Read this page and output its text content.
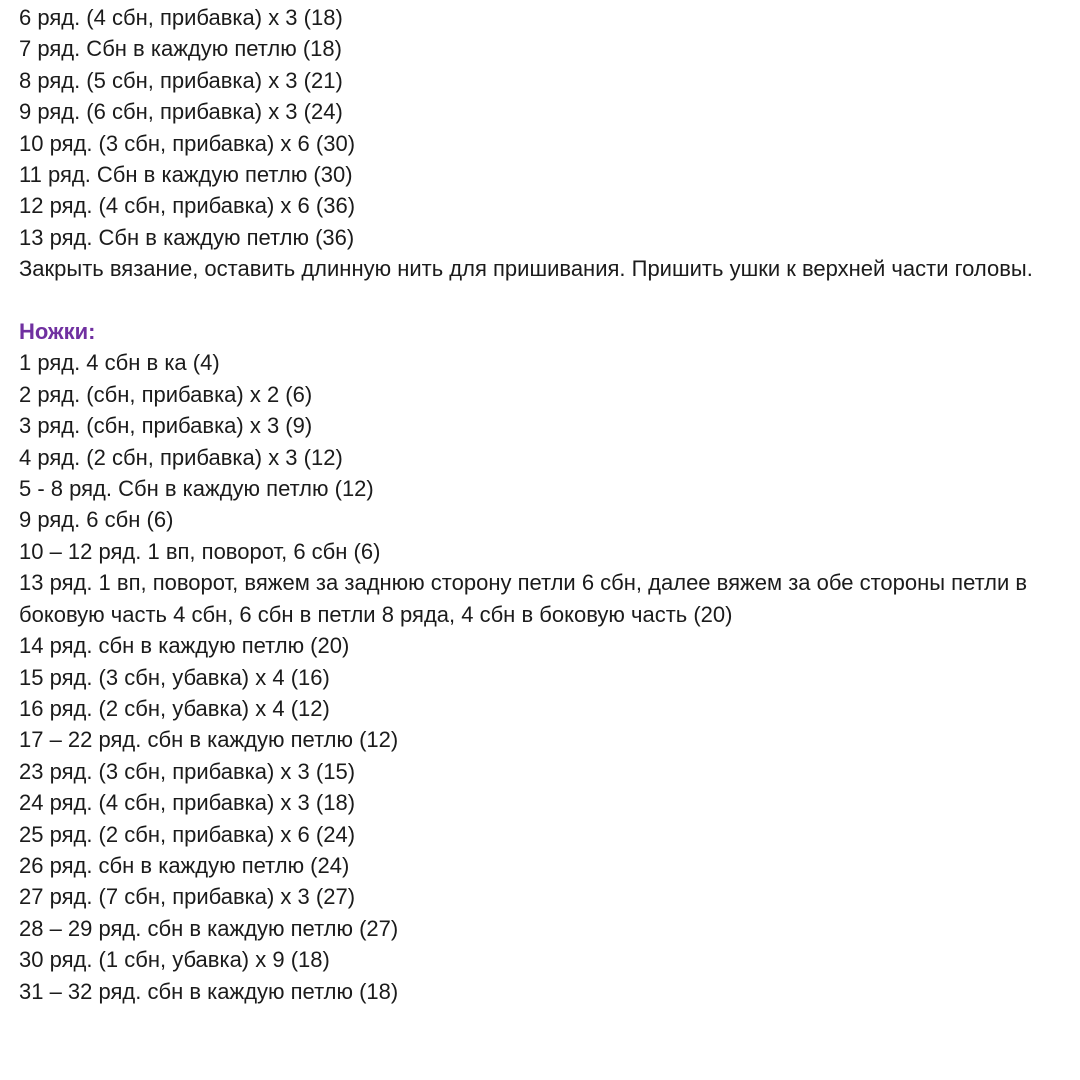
6 ряд. (4 сбн, прибавка) х 3 (18)

7 ряд. Сбн в каждую петлю (18)

8 ряд. (5 сбн, прибавка) х 3 (21)

9 ряд. (6 сбн, прибавка) х 3 (24)

10 ряд. (3 сбн, прибавка) х 6 (30)

11 ряд. Сбн в каждую петлю (30)

12 ряд. (4 сбн, прибавка) х 6 (36)

13 ряд. Сбн в каждую петлю (36)

Закрыть вязание, оставить длинную нить для пришивания. Пришить ушки к верхней части головы.

Ножки:

1 ряд. 4 сбн в ка (4)

2 ряд. (сбн, прибавка) х 2 (6)

3 ряд. (сбн, прибавка) х 3 (9)

4 ряд. (2 сбн, прибавка) х 3 (12)

5 - 8 ряд. Сбн в каждую петлю (12)

9 ряд. 6 сбн (6)

10 – 12 ряд. 1 вп, поворот, 6 сбн (6)

13 ряд. 1 вп, поворот, вяжем за заднюю сторону петли 6 сбн, далее вяжем за обе стороны петли в боковую часть 4 сбн, 6 сбн в петли 8 ряда, 4 сбн в боковую часть (20)

14 ряд. сбн в каждую петлю (20)

15 ряд. (3 сбн, убавка) х 4 (16)

16 ряд. (2 сбн, убавка) х 4 (12)

17 – 22 ряд. сбн в каждую петлю (12)

23 ряд. (3 сбн, прибавка) х 3 (15)

24 ряд. (4 сбн, прибавка) х 3 (18)

25 ряд. (2 сбн, прибавка) х 6 (24)

26 ряд. сбн в каждую петлю (24)

27 ряд. (7 сбн, прибавка) х 3 (27)

28 – 29 ряд. сбн в каждую петлю (27)

30 ряд. (1 сбн, убавка) х 9 (18)

31 – 32 ряд. сбн в каждую петлю (18)
